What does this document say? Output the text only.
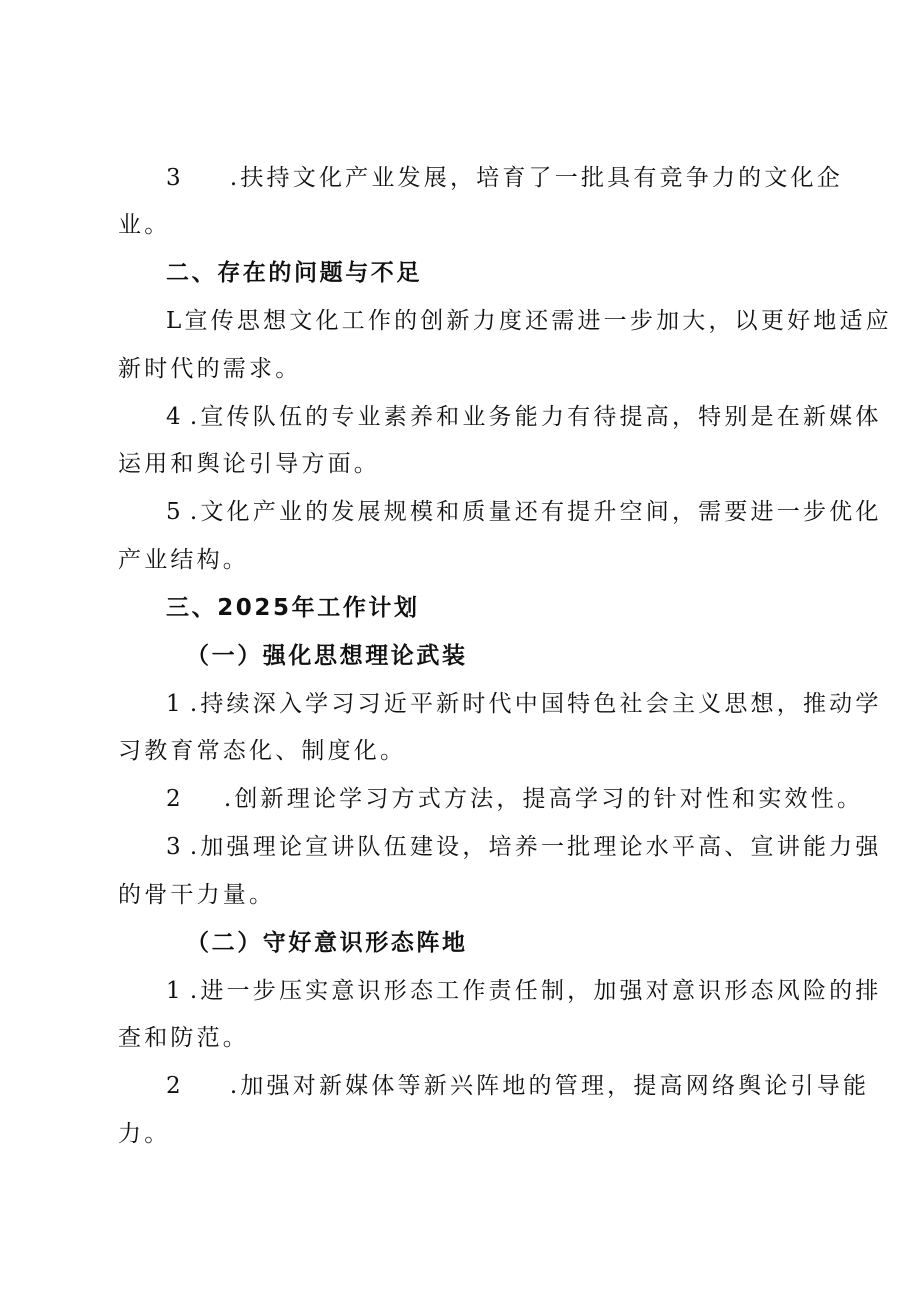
3 .扶持文化产业发展，培育了一批具有竞争力的文化企
业。
二、存在的问题与不足
L宣传思想文化工作的创新力度还需进一步加大，以更好地适应
新时代的需求。
4 .宣传队伍的专业素养和业务能力有待提高，特别是在新媒体
运用和舆论引导方面。
5 .文化产业的发展规模和质量还有提升空间，需要进一步优化
产业结构。
三、2025年工作计划
（一）强化思想理论武装
1 .持续深入学习习近平新时代中国特色社会主义思想，推动学
习教育常态化、制度化。
2 .创新理论学习方式方法，提高学习的针对性和实效性。
3 .加强理论宣讲队伍建设，培养一批理论水平高、宣讲能力强
的骨干力量。
（二）守好意识形态阵地
1 .进一步压实意识形态工作责任制，加强对意识形态风险的排
查和防范。
2 .加强对新媒体等新兴阵地的管理，提高网络舆论引导能
力。
